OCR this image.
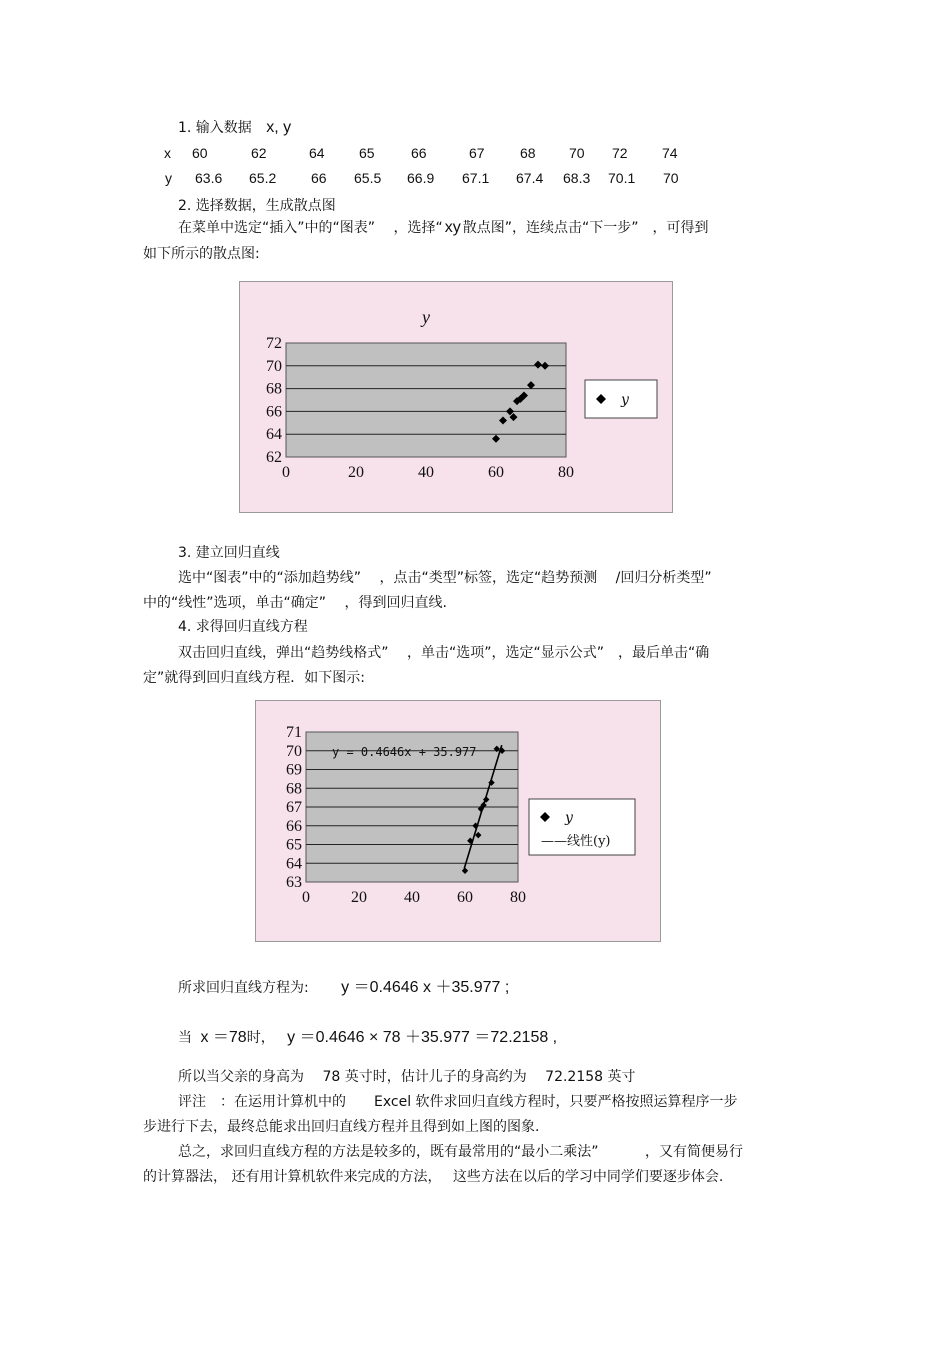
1. 输入数据 x, y
x 60	62	64 65	66	67	68 70 72 74
y 63.6 65.2 66 65.5 66.9 67.1 67.4 68.3 70.1 70
2. 选择数据，生成散点图
在菜单中选定“插入”中的“图表”　 ，选择“ xy 散点图”，连续点击“下一步”　，可得到
如下所示的散点图:
62
64
66
68
70
72
0	20	40	60	80
y
y
3. 建立回归直线
选中“图表”中的“添加趋势线”　 ，点击“类型”标签，选定“趋势预测　 /回归分析类型”
中的“线性”选项，单击“确定”　 ，得到回归直线.
4. 求得回归直线方程
双击回归直线，弹出“趋势线格式”　 ，单击“选项”，选定“显示公式”　，最后单击“确
定”就得到回归直线方程．如下图示:
63
64
65
66
67
68
69
70
71
0	20 40 60 80
y = 0.4646x + 35.977
y
——线性(y)
所求回归直线方程为: y ＝0.4646 x ＋35.977 ;
当 x ＝78时， y ＝0.4646 × 78 ＋35.977 ＝72.2158 ,
所以当父亲的身高为　 78 英寸时，估计儿子的身高约为　 72.2158 英寸
评注　：在运用计算机中的　　Excel 软件求回归直线方程时，只要严格按照运算程序一步
步进行下去，最终总能求出回归直线方程并且得到如上图的图象.
总之，求回归直线方程的方法是较多的，既有最常用的“最小二乘法”　　　 ，又有简便易行
的计算器法， 还有用计算机软件来完成的方法，　 这些方法在以后的学习中同学们要逐步体会.
